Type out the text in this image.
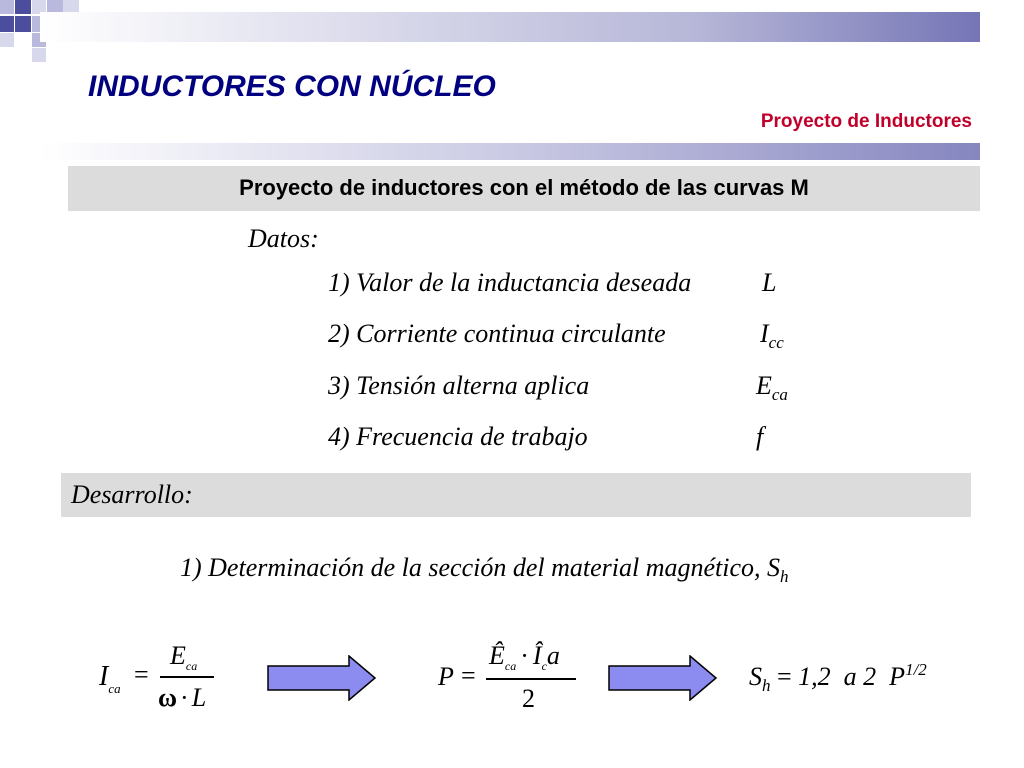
INDUCTORES CON NÚCLEO
Proyecto de Inductores
Proyecto de inductores con el método de las curvas M
Datos:
1) Valor de la inductancia deseada	L
2) Corriente continua circulante	$I_{cc}$
3) Tensión alterna aplica	$E_{ca}$
4) Frecuencia de trabajo	f
Desarrollo:
1) Determinación de la sección del material magnético, $S_h$
$I_{ca}$ =
$E_{ca}$
ω · L
P =
$Ê_{ca}$ · $Î_ca$
2
$S_h = 1,2$  a 2  $P^{1/2}$
